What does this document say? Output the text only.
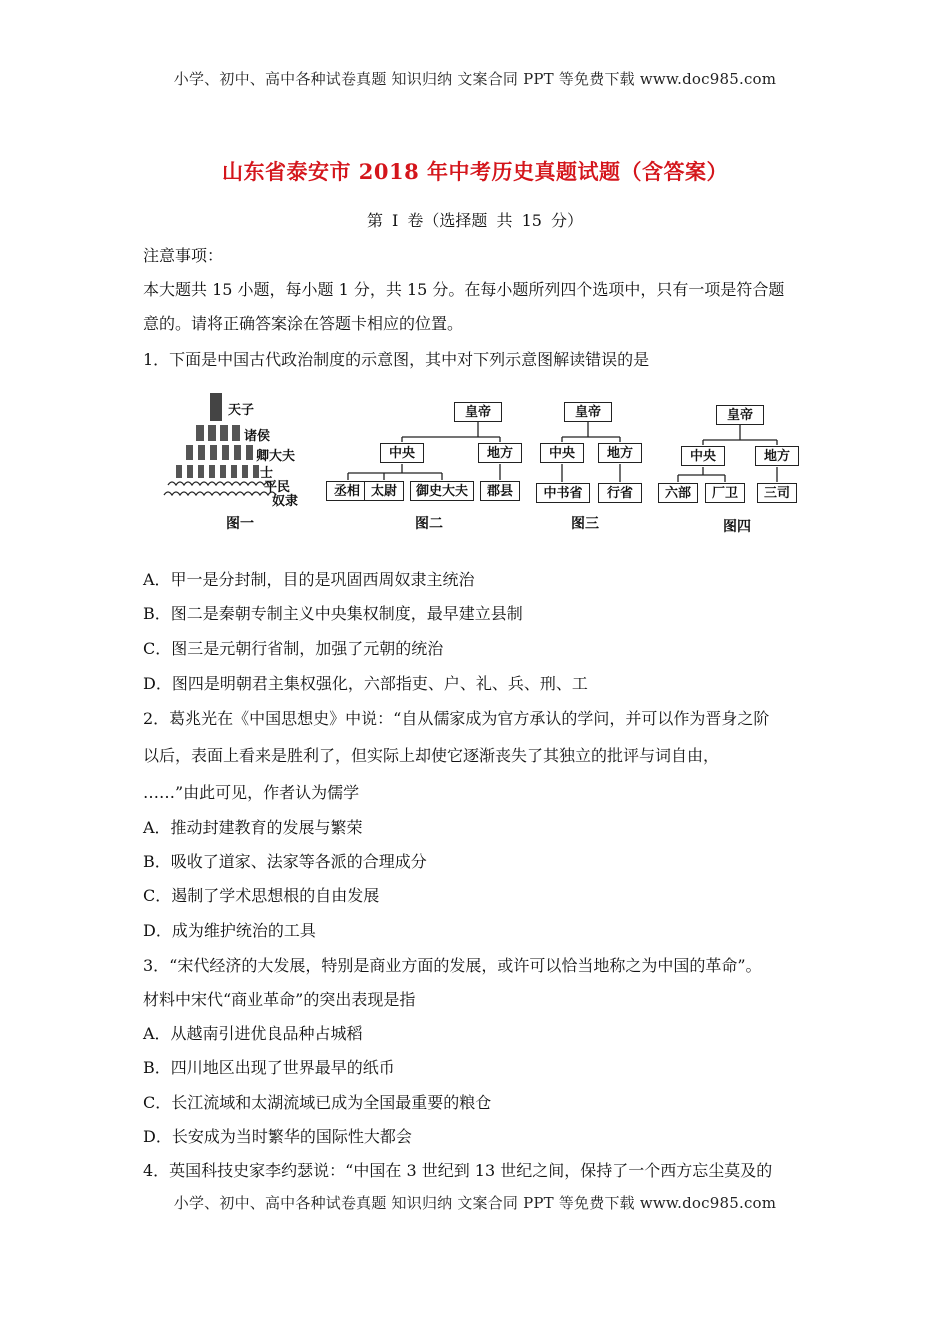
小学、初中、高中各种试卷真题 知识归纳 文案合同 PPT 等免费下载 www.doc985.com
山东省泰安市 2018 年中考历史真题试题（含答案）
第 I 卷（选择题 共 15 分）
注意事项：
本大题共 15 小题，每小题 1 分，共 15 分。在每小题所列四个选项中，只有一项是符合题
意的。请将正确答案涂在答题卡相应的位置。
1．下面是中国古代政治制度的示意图，其中对下列示意图解读错误的是
天子
诸侯
卿大夫
士
平民
奴隶
图一
皇帝
中央	地方
丞相 太尉	御史大夫	郡县
图二
皇帝
中央	地方
中书省	行省
图三
皇帝
中央	地方
六部	厂卫	三司
图四
A．甲一是分封制，目的是巩固西周奴隶主统治
B．图二是秦朝专制主义中央集权制度，最早建立县制
C．图三是元朝行省制，加强了元朝的统治
D．图四是明朝君主集权强化，六部指吏、户、礼、兵、刑、工
2．葛兆光在《中国思想史》中说：“自从儒家成为官方承认的学问，并可以作为晋身之阶
以后，表面上看来是胜利了，但实际上却使它逐渐丧失了其独立的批评与词自由，
……”由此可见，作者认为儒学
A．推动封建教育的发展与繁荣
B．吸收了道家、法家等各派的合理成分
C．遏制了学术思想根的自由发展
D．成为维护统治的工具
3．“宋代经济的大发展，特别是商业方面的发展，或许可以恰当地称之为中国的革命”。
材料中宋代“商业革命”的突出表现是指
A．从越南引进优良品种占城稻
B．四川地区出现了世界最早的纸币
C．长江流域和太湖流域已成为全国最重要的粮仓
D．长安成为当时繁华的国际性大都会
4．英国科技史家李约瑟说：“中国在 3 世纪到 13 世纪之间，保持了一个西方忘尘莫及的
小学、初中、高中各种试卷真题 知识归纳 文案合同 PPT 等免费下载 www.doc985.com
